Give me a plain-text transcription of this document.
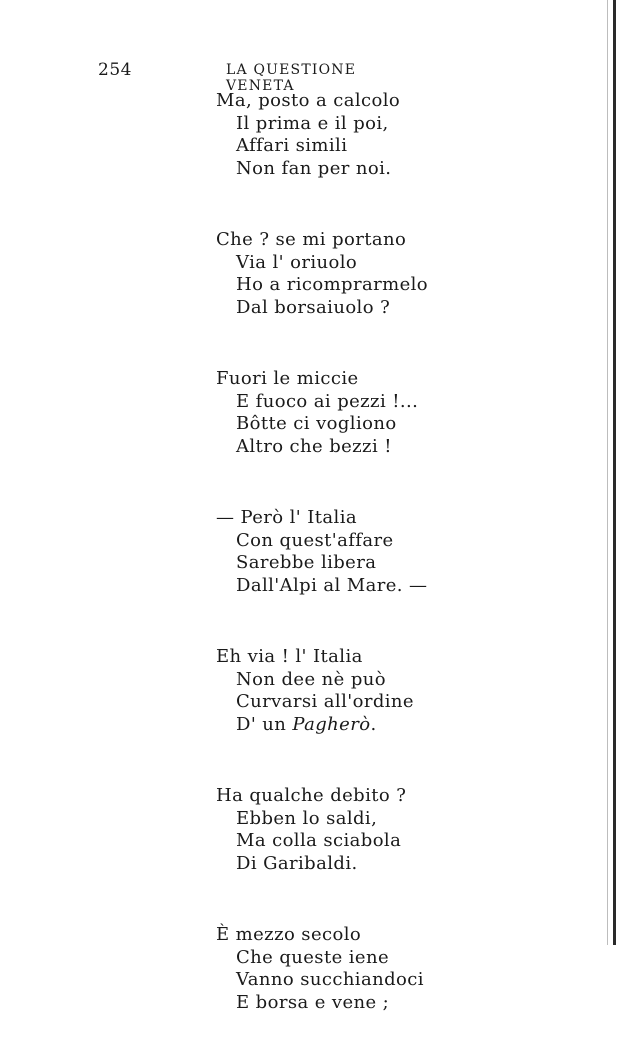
254	LA QUESTIONE VENETA
Ma, posto a calcolo
Il prima e il poi,
Affari simili
Non fan per noi.
Che ? se mi portano
Via l' oriuolo
Ho a ricomprarmelo
Dal borsaiuolo ?
Fuori le miccie
E fuoco ai pezzi !...
Bôtte ci vogliono
Altro che bezzi !
— Però l' Italia
Con quest'affare
Sarebbe libera
Dall'Alpi al Mare. —
Eh via ! l' Italia
Non dee nè può
Curvarsi all'ordine
D' un Pagherò.
Ha qualche debito ?
Ebben lo saldi,
Ma colla sciabola
Di Garibaldi.
È mezzo secolo
Che queste iene
Vanno succhiandoci
E borsa e vene ;
